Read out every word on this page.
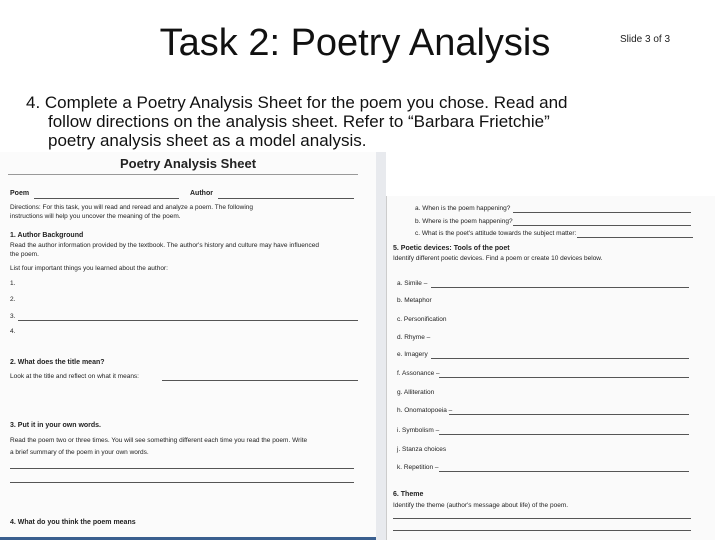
Task 2: Poetry Analysis	Slide 3 of 3
4. Complete a Poetry Analysis Sheet for the poem you chose. Read and
follow directions on the analysis sheet. Refer to “Barbara Frietchie”
poetry analysis sheet as a model analysis.
Poetry Analysis Sheet
Poem	Author
Directions: For this task, you will read and reread and analyze a poem. The following
instructions will help you uncover the meaning of the poem.
1. Author Background
Read the author information provided by the textbook. The author's history and culture may have influenced
the poem.
List four important things you learned about the author:
1.
2.
3.
4.
2. What does the title mean?
Look at the title and reflect on what it means:
3. Put it in your own words.
Read the poem two or three times. You will see something different each time you read the poem. Write
a brief summary of the poem in your own words.
4. What do you think the poem means
a. When is the poem happening?
b. Where is the poem happening?
c. What is the poet's attitude towards the subject matter:
5. Poetic devices: Tools of the poet
Identify different poetic devices. Find a poem or create 10 devices below.
a. Simile –
b. Metaphor
c. Personification
d. Rhyme –
e. Imagery
f. Assonance –
g. Alliteration
h. Onomatopoeia –
i. Symbolism –
j. Stanza choices
k. Repetition –
6. Theme
Identify the theme (author's message about life) of the poem.
